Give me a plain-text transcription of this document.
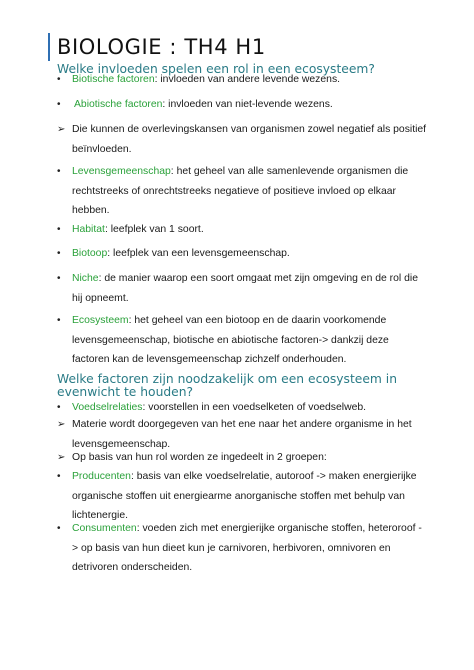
BIOLOGIE : TH4 H1
Welke invloeden spelen een rol in een ecosysteem?
•	Biotische factoren: invloeden van andere levende wezens.
•	Abiotische factoren: invloeden van niet-levende wezens.
➢ Die kunnen de overlevingskansen van organismen zowel negatief als positief beïnvloeden.
•	Levensgemeenschap: het geheel van alle samenlevende organismen die rechtstreeks of onrechtstreeks negatieve of positieve invloed op elkaar hebben.
•	Habitat: leefplek van 1 soort.
•	Biotoop: leefplek van een levensgemeenschap.
•	Niche: de manier waarop een soort omgaat met zijn omgeving en de rol die hij opneemt.
•	Ecosysteem: het geheel van een biotoop en de daarin voorkomende levensgemeenschap, biotische en abiotische factoren-> dankzij deze factoren kan de levensgemeenschap zichzelf onderhouden.
Welke factoren zijn noodzakelijk om een ecosysteem in evenwicht te houden?
•	Voedselrelaties: voorstellen in een voedselketen of voedselweb.
➢ Materie wordt doorgegeven van het ene naar het andere organisme in het levensgemeenschap.
➢ Op basis van hun rol worden ze ingedeelt in 2 groepen:
•	Producenten: basis van elke voedselrelatie, autoroof -> maken energierijke organische stoffen uit energiearme anorganische stoffen met behulp van lichtenergie.
•	Consumenten: voeden zich met energierijke organische stoffen, heteroroof -> op basis van hun dieet kun je carnivoren, herbivoren, omnivoren en detrivoren onderscheiden.
